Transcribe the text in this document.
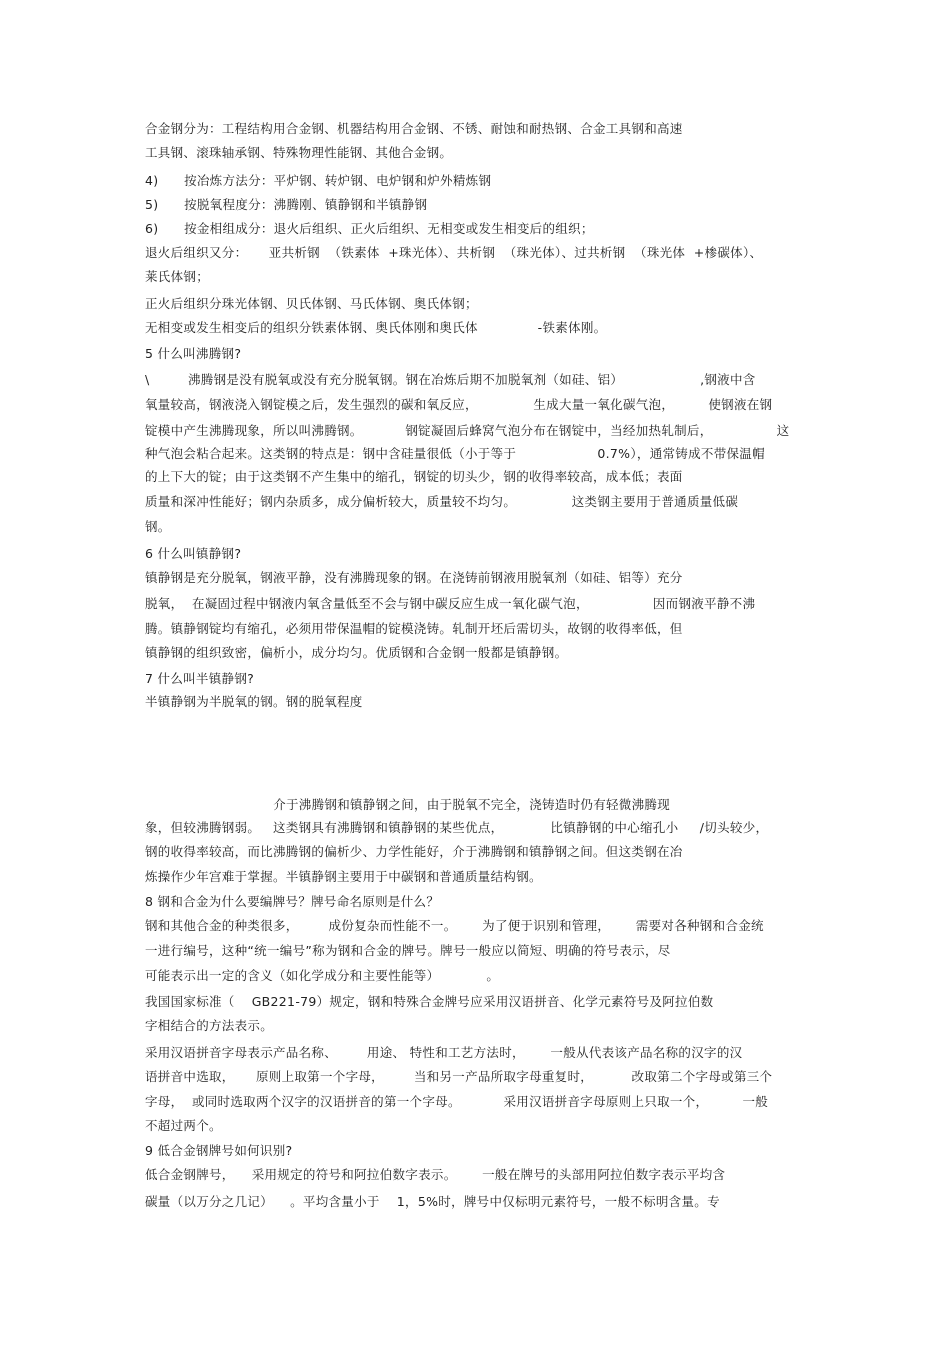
合金钢分为：工程结构用合金钢、机器结构用合金钢、不锈、耐蚀和耐热钢、合金工具钢和高速
工具钢、滚珠轴承钢、特殊物理性能钢、其他合金钢。
4)      按冶炼方法分：平炉钢、转炉钢、电炉钢和炉外精炼钢
5)      按脱氧程度分：沸腾刚、镇静钢和半镇静钢
6)      按金相组成分：退火后组织、正火后组织、无相变或发生相变后的组织；
退火后组织又分：     亚共析钢  （铁素体  +珠光体）、共析钢  （珠光体）、过共析钢  （珠光体  +椮碳体）、
莱氏体钢；
正火后组织分珠光体钢、贝氏体钢、马氏体钢、奥氏体钢；
无相变或发生相变后的组织分铁素体钢、奥氏体刚和奥氏体              -铁素体刚。
5 什么叫沸腾钢?
\         沸腾钢是没有脱氧或没有充分脱氧钢。钢在冶炼后期不加脱氧剂（如硅、铝）                  ,钢液中含
氧量较高，钢液浇入钢锭模之后，发生强烈的碳和氧反应，             生成大量一氧化碳气泡，        使钢液在钢
锭模中产生沸腾现象，所以叫沸腾钢。          钢锭凝固后蜂窝气泡分布在钢锭中，当经加热轧制后，               这
种气泡会粘合起来。这类钢的特点是：钢中含硅量很低（小于等于                   0.7%），通常铸成不带保温帽
的上下大的锭；由于这类钢不产生集中的缩孔，钢锭的切头少，钢的收得率较高，成本低；表面
质量和深冲性能好；钢内杂质多，成分偏析较大，质量较不均匀。             这类钢主要用于普通质量低碳
钢。
6 什么叫镇静钢?
镇静钢是充分脱氧，钢液平静，没有沸腾现象的钢。在浇铸前钢液用脱氧剂（如硅、铝等）充分
脱氧，  在凝固过程中钢液内氧含量低至不会与钢中碳反应生成一氧化碳气泡，               因而钢液平静不沸
腾。镇静钢锭均有缩孔，必须用带保温帽的锭模浇铸。轧制开坯后需切头，故钢的收得率低，但
镇静钢的组织致密，偏析小，成分均匀。优质钢和合金钢一般都是镇静钢。
7 什么叫半镇静钢?
半镇静钢为半脱氧的钢。钢的脱氧程度
介于沸腾钢和镇静钢之间，由于脱氧不完全，浇铸造时仍有轻微沸腾现
象，但较沸腾钢弱。   这类钢具有沸腾钢和镇静钢的某些优点，           比镇静钢的中心缩孔小     /切头较少，
钢的收得率较高，而比沸腾钢的偏析少、力学性能好，介于沸腾钢和镇静钢之间。但这类钢在冶
炼操作少年宫难于掌握。半镇静钢主要用于中碳钢和普通质量结构钢。
8 钢和合金为什么要编牌号？牌号命名原则是什么？
钢和其他合金的种类很多，       成份复杂而性能不一。      为了便于识别和管理，      需要对各种钢和合金统
一进行编号，这种“统一编号”称为钢和合金的牌号。牌号一般应以简短、明确的符号表示，尽
可能表示出一定的含义（如化学成分和主要性能等）           。
我国国家标准（    GB221-79）规定，钢和特殊合金牌号应采用汉语拼音、化学元素符号及阿拉伯数
字相结合的方法表示。
采用汉语拼音字母表示产品名称、       用途、 特性和工艺方法时，      一般从代表该产品名称的汉字的汉
语拼音中选取，     原则上取第一个字母，       当和另一产品所取字母重复时，         改取第二个字母或第三个
字母，  或同时选取两个汉字的汉语拼音的第一个字母。          采用汉语拼音字母原则上只取一个，        一般
不超过两个。
9 低合金钢牌号如何识别?
低合金钢牌号，    采用规定的符号和阿拉伯数字表示。      一般在牌号的头部用阿拉伯数字表示平均含
碳量（以万分之几记）    。平均含量小于    1，5%时，牌号中仅标明元素符号，一般不标明含量。专
